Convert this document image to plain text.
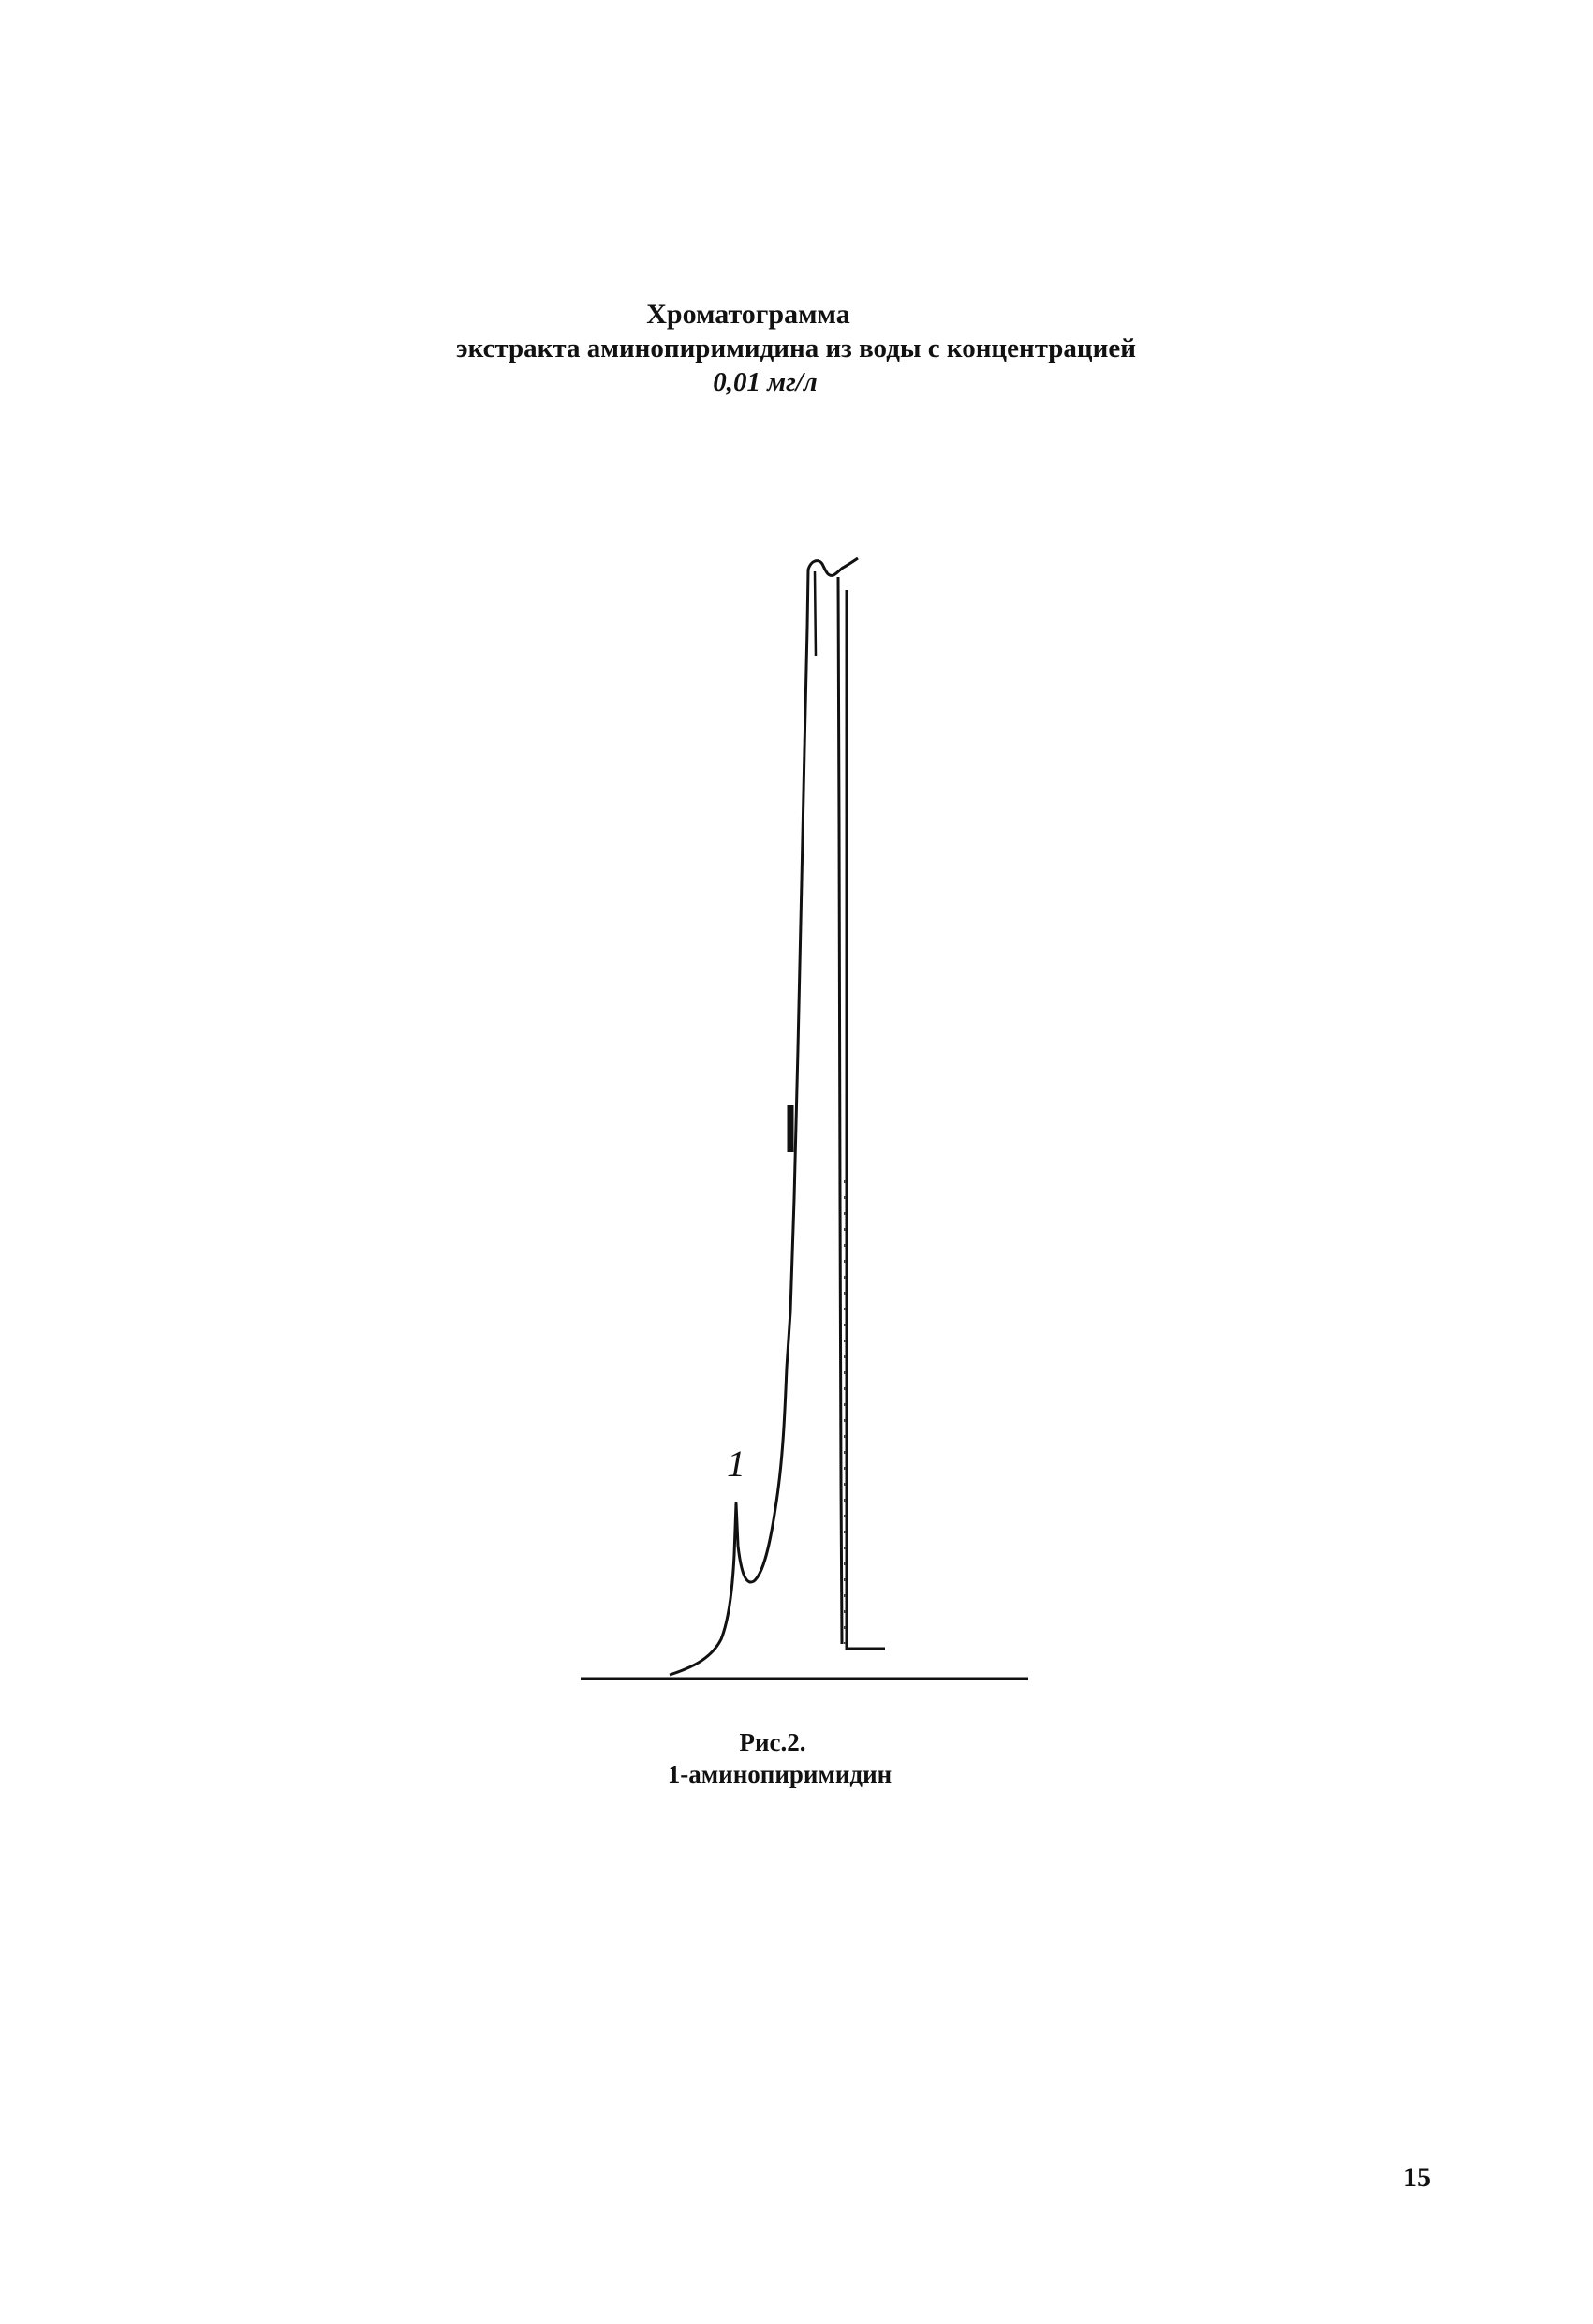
Хроматограмма
экстракта аминопиримидина из воды с концентрацией
0,01 мг/л
1
Рис.2.
1-аминопиримидин
15
